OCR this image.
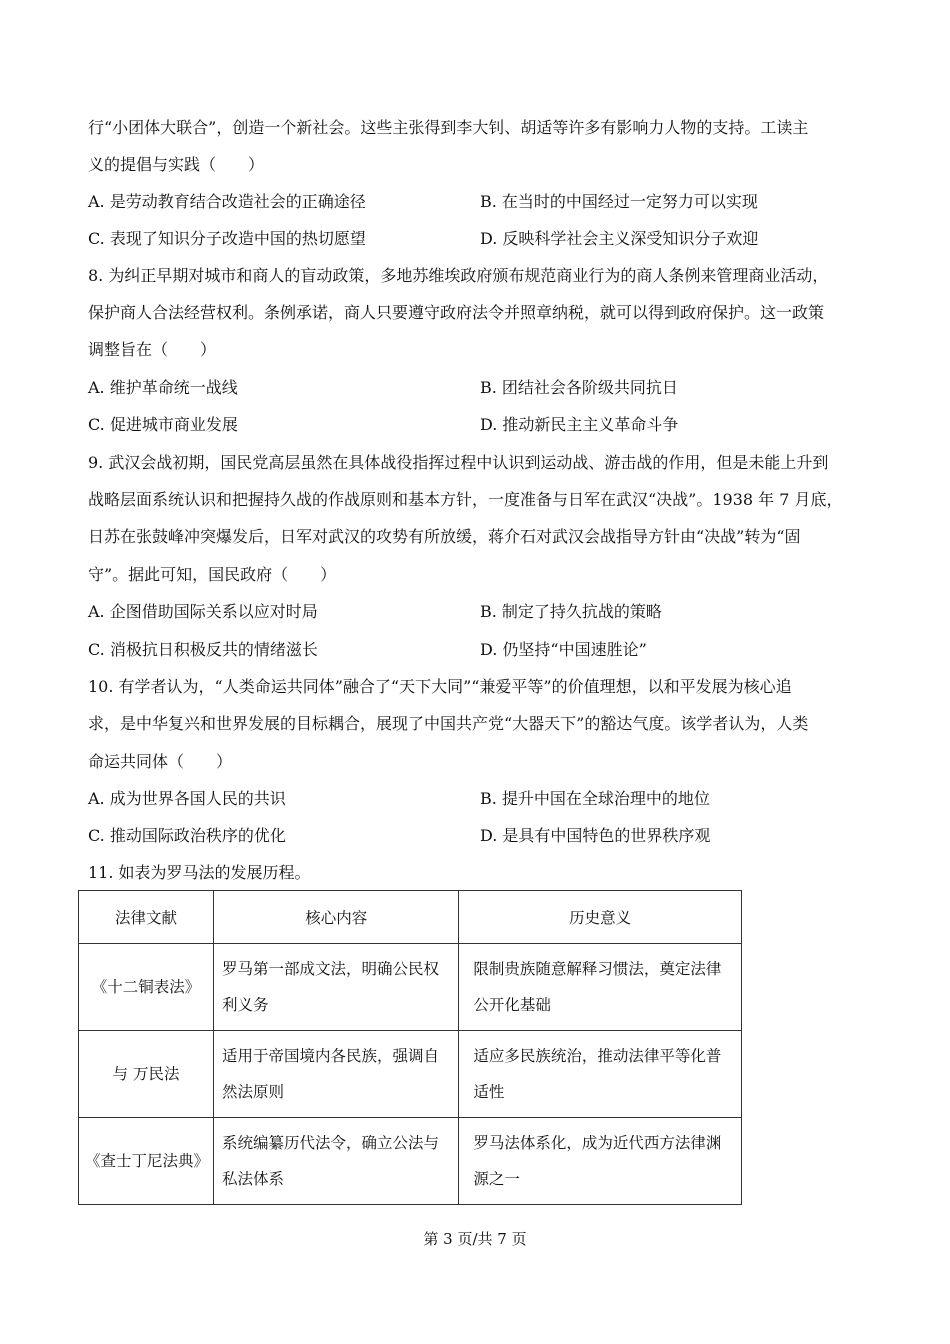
行“小团体大联合”，创造一个新社会。这些主张得到李大钊、胡适等许多有影响力人物的支持。工读主
义的提倡与实践（　　）
A. 是劳动教育结合改造社会的正确途径	B. 在当时的中国经过一定努力可以实现
C. 表现了知识分子改造中国的热切愿望	D. 反映科学社会主义深受知识分子欢迎
8. 为纠正早期对城市和商人的盲动政策，多地苏维埃政府颁布规范商业行为的商人条例来管理商业活动，
保护商人合法经营权利。条例承诺，商人只要遵守政府法令并照章纳税，就可以得到政府保护。这一政策
调整旨在（　　）
A. 维护革命统一战线	B. 团结社会各阶级共同抗日
C. 促进城市商业发展	D. 推动新民主主义革命斗争
9. 武汉会战初期，国民党高层虽然在具体战役指挥过程中认识到运动战、游击战的作用，但是未能上升到
战略层面系统认识和把握持久战的作战原则和基本方针，一度准备与日军在武汉“决战”。1938 年 7 月底，
日苏在张鼓峰冲突爆发后，日军对武汉的攻势有所放缓，蒋介石对武汉会战指导方针由“决战”转为“固
守”。据此可知，国民政府（　　）
A. 企图借助国际关系以应对时局	B. 制定了持久抗战的策略
C. 消极抗日积极反共的情绪滋长	D. 仍坚持“中国速胜论”
10. 有学者认为，“人类命运共同体”融合了“天下大同”“兼爱平等”的价值理想，以和平发展为核心追
求，是中华复兴和世界发展的目标耦合，展现了中国共产党“大器天下”的豁达气度。该学者认为，人类
命运共同体（　　）
A. 成为世界各国人民的共识	B. 提升中国在全球治理中的地位
C. 推动国际政治秩序的优化	D. 是具有中国特色的世界秩序观
11. 如表为罗马法的发展历程。
法律文献	核心内容	历史意义
《十二铜表法》	罗马第一部成文法，明确公民权利义务	限制贵族随意解释习惯法，奠定法律公开化基础
与 万民法	适用于帝国境内各民族，强调自然法原则	适应多民族统治，推动法律平等化普适性
《查士丁尼法典》	系统编纂历代法令，确立公法与私法体系	罗马法体系化，成为近代西方法律渊源之一
第 3 页/共 7 页
